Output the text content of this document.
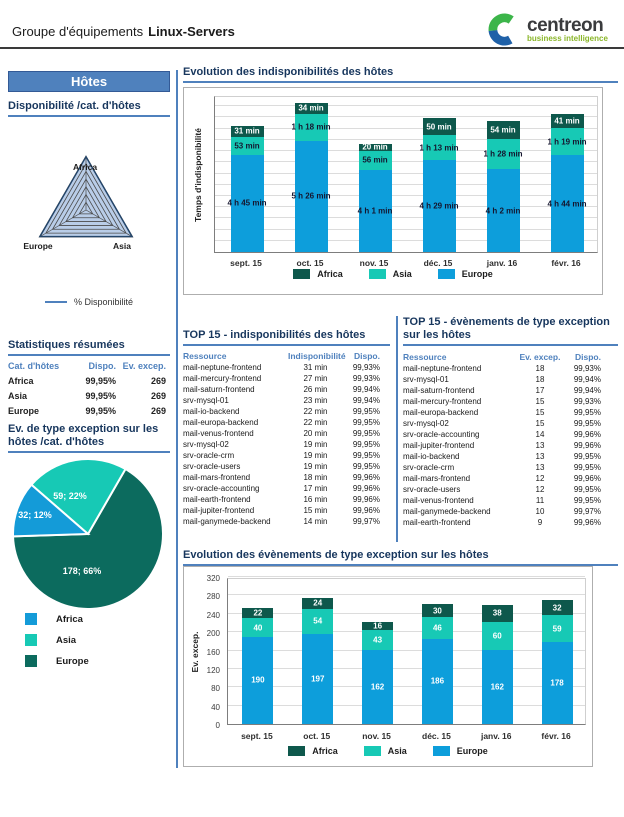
Groupe d'équipements Linux-Servers	centreon
business intelligence
Hôtes
Disponibilité /cat. d'hôtes
Africa
Asia
Europe
% Disponibilité
Statistiques résumées
Cat. d'hôtes	Dispo. Ev. excep.
Africa	99,95%	269
Asia	99,95%	269
Europe	99,95%	269
Ev. de type exception sur les
hôtes /cat. d'hôtes
32; 12%
59; 22%
178; 66%
Africa
Asia
Europe
Evolution des indisponibilités des hôtes
Temps d'indisponibilité	4 h 45 min
53 min
31 min
5 h 26 min
1 h 18 min
34 min
4 h 1 min
56 min
20 min
4 h 29 min
1 h 13 min
50 min
4 h 2 min
1 h 28 min
54 min
4 h 44 min
1 h 19 min
41 min
sept. 15	oct. 15	nov. 15	déc. 15	janv. 16	févr. 16
Africa	Asia	Europe
TOP 15 - indisponibilités des hôtes
Ressource	Indisponibilité Dispo.
mail-neptune-frontend	31 min	99,93%
mail-mercury-frontend	27 min	99,93%
mail-saturn-frontend	26 min	99,94%
srv-mysql-01	23 min	99,94%
mail-io-backend	22 min	99,95%
mail-europa-backend	22 min	99,95%
mail-venus-frontend	20 min	99,95%
srv-mysql-02	19 min	99,95%
srv-oracle-crm	19 min	99,95%
srv-oracle-users	19 min	99,95%
mail-mars-frontend	18 min	99,96%
srv-oracle-accounting	17 min	99,96%
mail-earth-frontend	16 min	99,96%
mail-jupiter-frontend	15 min	99,96%
mail-ganymede-backend	14 min	99,97%
TOP 15 - évènements de type exception
sur les hôtes
Ressource	Ev. excep.	Dispo.
mail-neptune-frontend	18	99,93%
srv-mysql-01	18	99,94%
mail-saturn-frontend	17	99,94%
mail-mercury-frontend	15	99,93%
mail-europa-backend	15	99,95%
srv-mysql-02	15	99,95%
srv-oracle-accounting	14	99,96%
mail-jupiter-frontend	13	99,96%
mail-io-backend	13	99,95%
srv-oracle-crm	13	99,95%
mail-mars-frontend	12	99,96%
srv-oracle-users	12	99,95%
mail-venus-frontend	11	99,95%
mail-ganymede-backend	10	99,97%
mail-earth-frontend	9	99,96%
Evolution des évènements de type exception sur les hôtes
Ev. excep.
0
40
80
120
160
200
240
280
320
190
40
22
197
54
24
162
43
16
186
46
30
162
60
38
178
59
32
sept. 15	oct. 15	nov. 15	déc. 15	janv. 16	févr. 16
Africa	Asia	Europe
